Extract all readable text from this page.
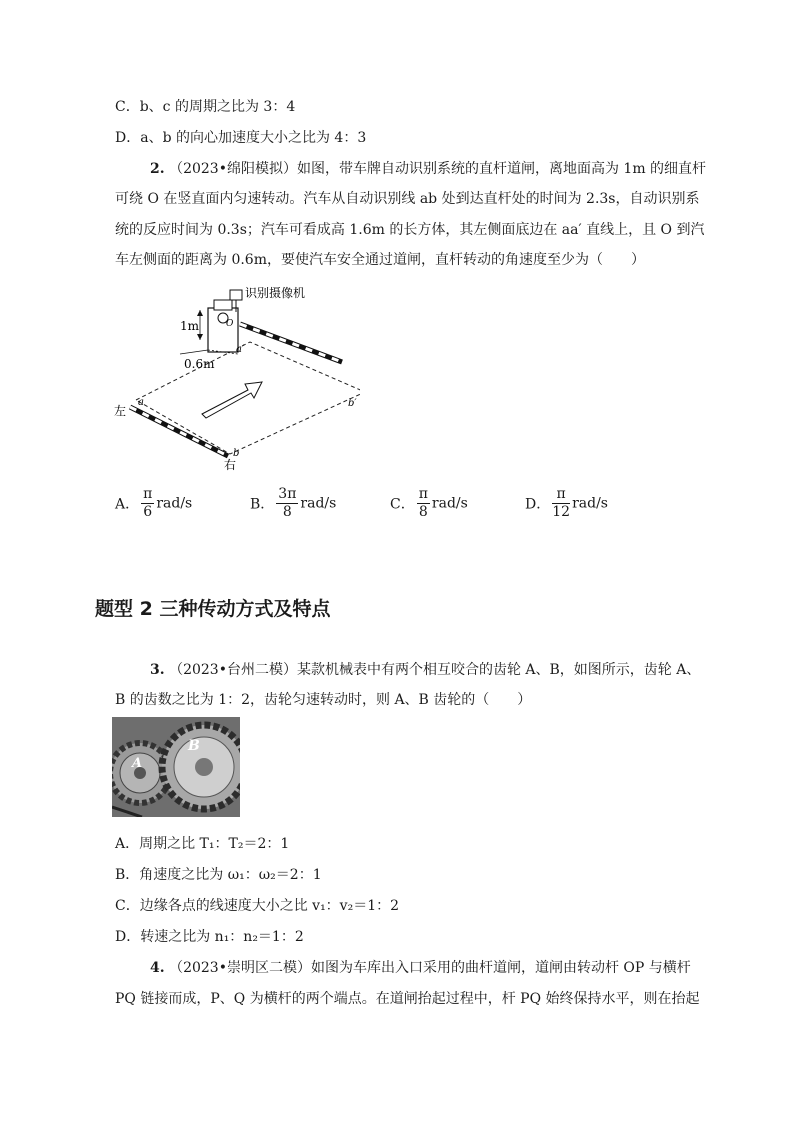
C．b、c 的周期之比为 3：4
D．a、b 的向心加速度大小之比为 4：3
2. （2023•绵阳模拟）如图，带车牌自动识别系统的直杆道闸，离地面高为 1m 的细直杆
可绕 O 在竖直面内匀速转动。汽车从自动识别线 ab 处到达直杆处的时间为 2.3s，自动识别系
统的反应时间为 0.3s；汽车可看成高 1.6m 的长方体，其左侧面底边在 aa′ 直线上，且 O 到汽
车左侧面的距离为 0.6m，要使汽车安全通过道闸，直杆转动的角速度至少为（　　）
识别摄像机
1m
0.6m
O
a
a′
b
b′
左
右
A． $\frac{\pi}{6} rad/s$	B． $\frac{3\pi}{8} rad/s$	C． $\frac{\pi}{8} rad/s$	D． $\frac{\pi}{12} rad/s$
题型 2 三种传动方式及特点
3. （2023•台州二模）某款机械表中有两个相互咬合的齿轮 A、B，如图所示，齿轮 A、
B 的齿数之比为 1：2，齿轮匀速转动时，则 A、B 齿轮的（　　）
A
B
A．周期之比 T₁：T₂＝2：1
B．角速度之比为 ω₁：ω₂＝2：1
C．边缘各点的线速度大小之比 v₁：v₂＝1：2
D．转速之比为 n₁：n₂＝1：2
4. （2023•崇明区二模）如图为车库出入口采用的曲杆道闸，道闸由转动杆 OP 与横杆
PQ 链接而成，P、Q 为横杆的两个端点。在道闸抬起过程中，杆 PQ 始终保持水平，则在抬起
